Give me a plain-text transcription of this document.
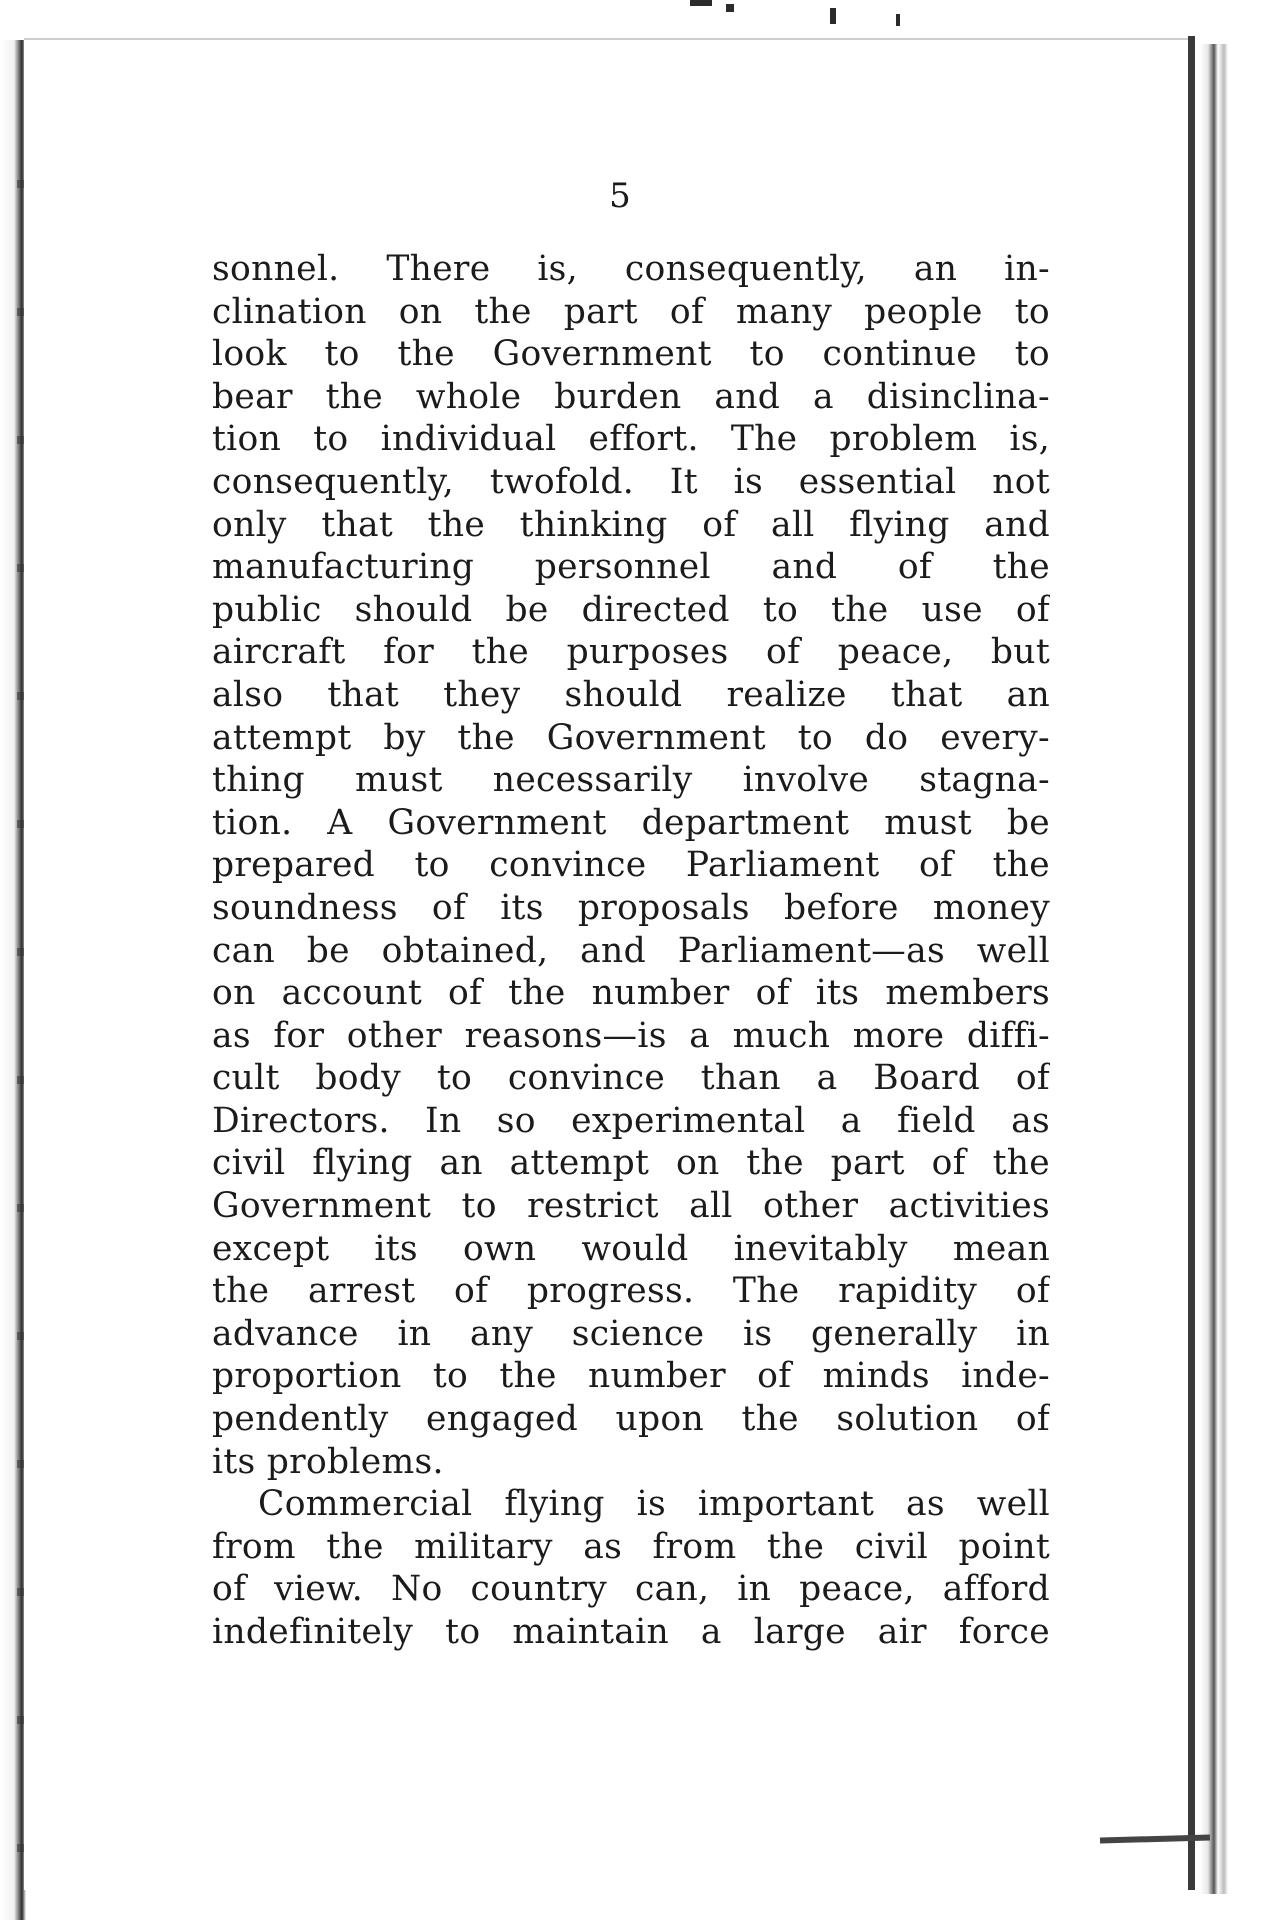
5
sonnel. There is, consequently, an in-
clination on the part of many people to
look to the Government to continue to
bear the whole burden and a disinclina-
tion to individual effort. The problem is,
consequently, twofold. It is essential not
only that the thinking of all flying and
manufacturing personnel and of the
public should be directed to the use of
aircraft for the purposes of peace, but
also that they should realize that an
attempt by the Government to do every-
thing must necessarily involve stagna-
tion. A Government department must be
prepared to convince Parliament of the
soundness of its proposals before money
can be obtained, and Parliament—as well
on account of the number of its members
as for other reasons—is a much more diffi-
cult body to convince than a Board of
Directors. In so experimental a field as
civil flying an attempt on the part of the
Government to restrict all other activities
except its own would inevitably mean
the arrest of progress. The rapidity of
advance in any science is generally in
proportion to the number of minds inde-
pendently engaged upon the solution of
its problems.
Commercial flying is important as well
from the military as from the civil point
of view. No country can, in peace, afford
indefinitely to maintain a large air force
